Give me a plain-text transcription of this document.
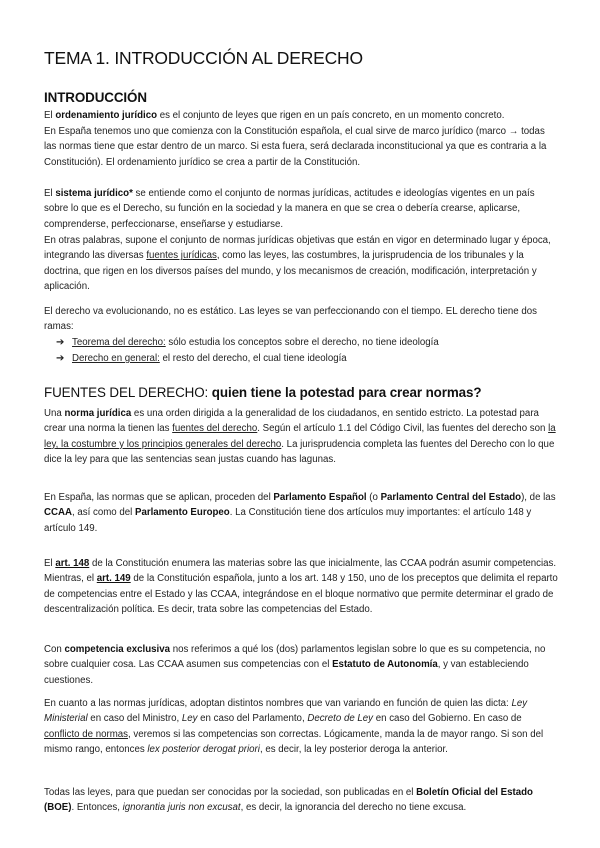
TEMA 1. INTRODUCCIÓN AL DERECHO
INTRODUCCIÓN

El ordenamiento jurídico es el conjunto de leyes que rigen en un país concreto, en un momento concreto.

En España tenemos uno que comienza con la Constitución española, el cual sirve de marco jurídico (marco → todas las normas tiene que estar dentro de un marco. Si esta fuera, será declarada inconstitucional ya que es contraria a la Constitución). El ordenamiento jurídico se crea a partir de la Constitución.

El sistema jurídico* se entiende como el conjunto de normas jurídicas, actitudes e ideologías vigentes en un país sobre lo que es el Derecho, su función en la sociedad y la manera en que se crea o debería crearse, aplicarse, comprenderse, perfeccionarse, enseñarse y estudiarse.

En otras palabras, supone el conjunto de normas jurídicas objetivas que están en vigor en determinado lugar y época, integrando las diversas fuentes jurídicas, como las leyes, las costumbres, la jurisprudencia de los tribunales y la doctrina, que rigen en los diversos países del mundo, y los mecanismos de creación, modificación, interpretación y aplicación.

El derecho va evolucionando, no es estático. Las leyes se van perfeccionando con el tiempo. EL derecho tiene dos ramas:

➔ Teorema del derecho: sólo estudia los conceptos sobre el derecho, no tiene ideología
➔ Derecho en general: el resto del derecho, el cual tiene ideología
FUENTES DEL DERECHO: quien tiene la potestad para crear normas?

Una norma jurídica es una orden dirigida a la generalidad de los ciudadanos, en sentido estricto. La potestad para crear una norma la tienen las fuentes del derecho. Según el artículo 1.1 del Código Civil, las fuentes del derecho son la ley, la costumbre y los principios generales del derecho. La jurisprudencia completa las fuentes del Derecho con lo que dice la ley para que las sentencias sean justas cuando has lagunas.

En España, las normas que se aplican, proceden del Parlamento Español (o Parlamento Central del Estado), de las CCAA, así como del Parlamento Europeo. La Constitución tiene dos artículos muy importantes: el artículo 148 y artículo 149.

El art. 148 de la Constitución enumera las materias sobre las que inicialmente, las CCAA podrán asumir competencias. Mientras, el art. 149 de la Constitución española, junto a los art. 148 y 150, uno de los preceptos que delimita el reparto de competencias entre el Estado y las CCAA, integrándose en el bloque normativo que permite determinar el grado de descentralización política. Es decir, trata sobre las competencias del Estado.

Con competencia exclusiva nos referimos a qué los (dos) parlamentos legislan sobre lo que es su competencia, no sobre cualquier cosa. Las CCAA asumen sus competencias con el Estatuto de Autonomía, y van estableciendo cuestiones.

En cuanto a las normas jurídicas, adoptan distintos nombres que van variando en función de quien las dicta: Ley Ministerial en caso del Ministro, Ley en caso del Parlamento, Decreto de Ley en caso del Gobierno. En caso de conflicto de normas, veremos si las competencias son correctas. Lógicamente, manda la de mayor rango. Si son del mismo rango, entonces lex posterior derogat priori, es decir, la ley posterior deroga la anterior.

Todas las leyes, para que puedan ser conocidas por la sociedad, son publicadas en el Boletín Oficial del Estado (BOE). Entonces, ignorantia juris non excusat, es decir, la ignorancia del derecho no tiene excusa.
